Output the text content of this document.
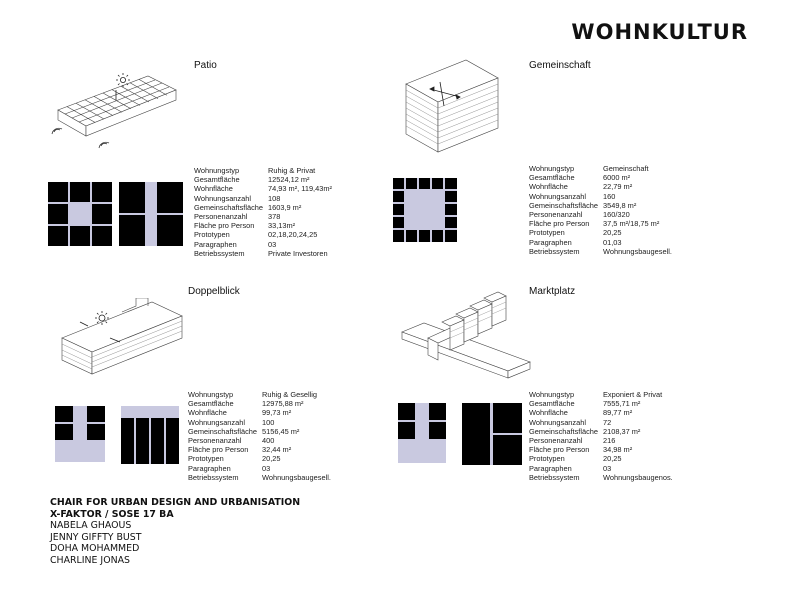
WOHNKULTUR
Patio
Wohnungstyp	Ruhig & Privat
Gesamtfläche	12524,12 m²
Wohnfläche	74,93 m², 119,43m²
Wohnungsanzahl	108
Gemeinschaftsfläche 1603,9 m²
Personenanzahl	378
Fläche pro Person	33,13m²
Prototypen	02,18,20,24,25
Paragraphen	03
Betriebssystem	Private Investoren
Gemeinschaft
Wohnungstyp	Gemeinschaft
Gesamtfläche	6000 m²
Wohnfläche	22,79 m²
Wohnungsanzahl	160
Gemeinschaftsfläche 3549,8 m²
Personenanzahl	160/320
Fläche pro Person	37,5 m²/18,75 m²
Prototypen	20,25
Paragraphen	01,03
Betriebssystem	Wohnungsbaugesell.
Doppelblick
Wohnungstyp	Ruhig & Gesellig
Gesamtfläche	12975,88 m²
Wohnfläche	99,73 m²
Wohnungsanzahl	100
Gemeinschaftsfläche 5156,45 m²
Personenanzahl	400
Fläche pro Person	32,44 m²
Prototypen	20,25
Paragraphen	03
Betriebssystem	Wohnungsbaugesell.
Marktplatz
Wohnungstyp	Exponiert & Privat
Gesamtfläche	7555,71 m²
Wohnfläche	89,77 m²
Wohnungsanzahl	72
Gemeinschaftsfläche 2108,37 m²
Personenanzahl	216
Fläche pro Person	34,98 m²
Prototypen	20,25
Paragraphen	03
Betriebssystem	Wohnungsbaugenos.
CHAIR FOR URBAN DESIGN AND URBANISATION
X-FAKTOR / SOSE 17 BA
NABELA GHAOUS
JENNY GIFFTY BUST
DOHA MOHAMMED
CHARLINE JONAS
